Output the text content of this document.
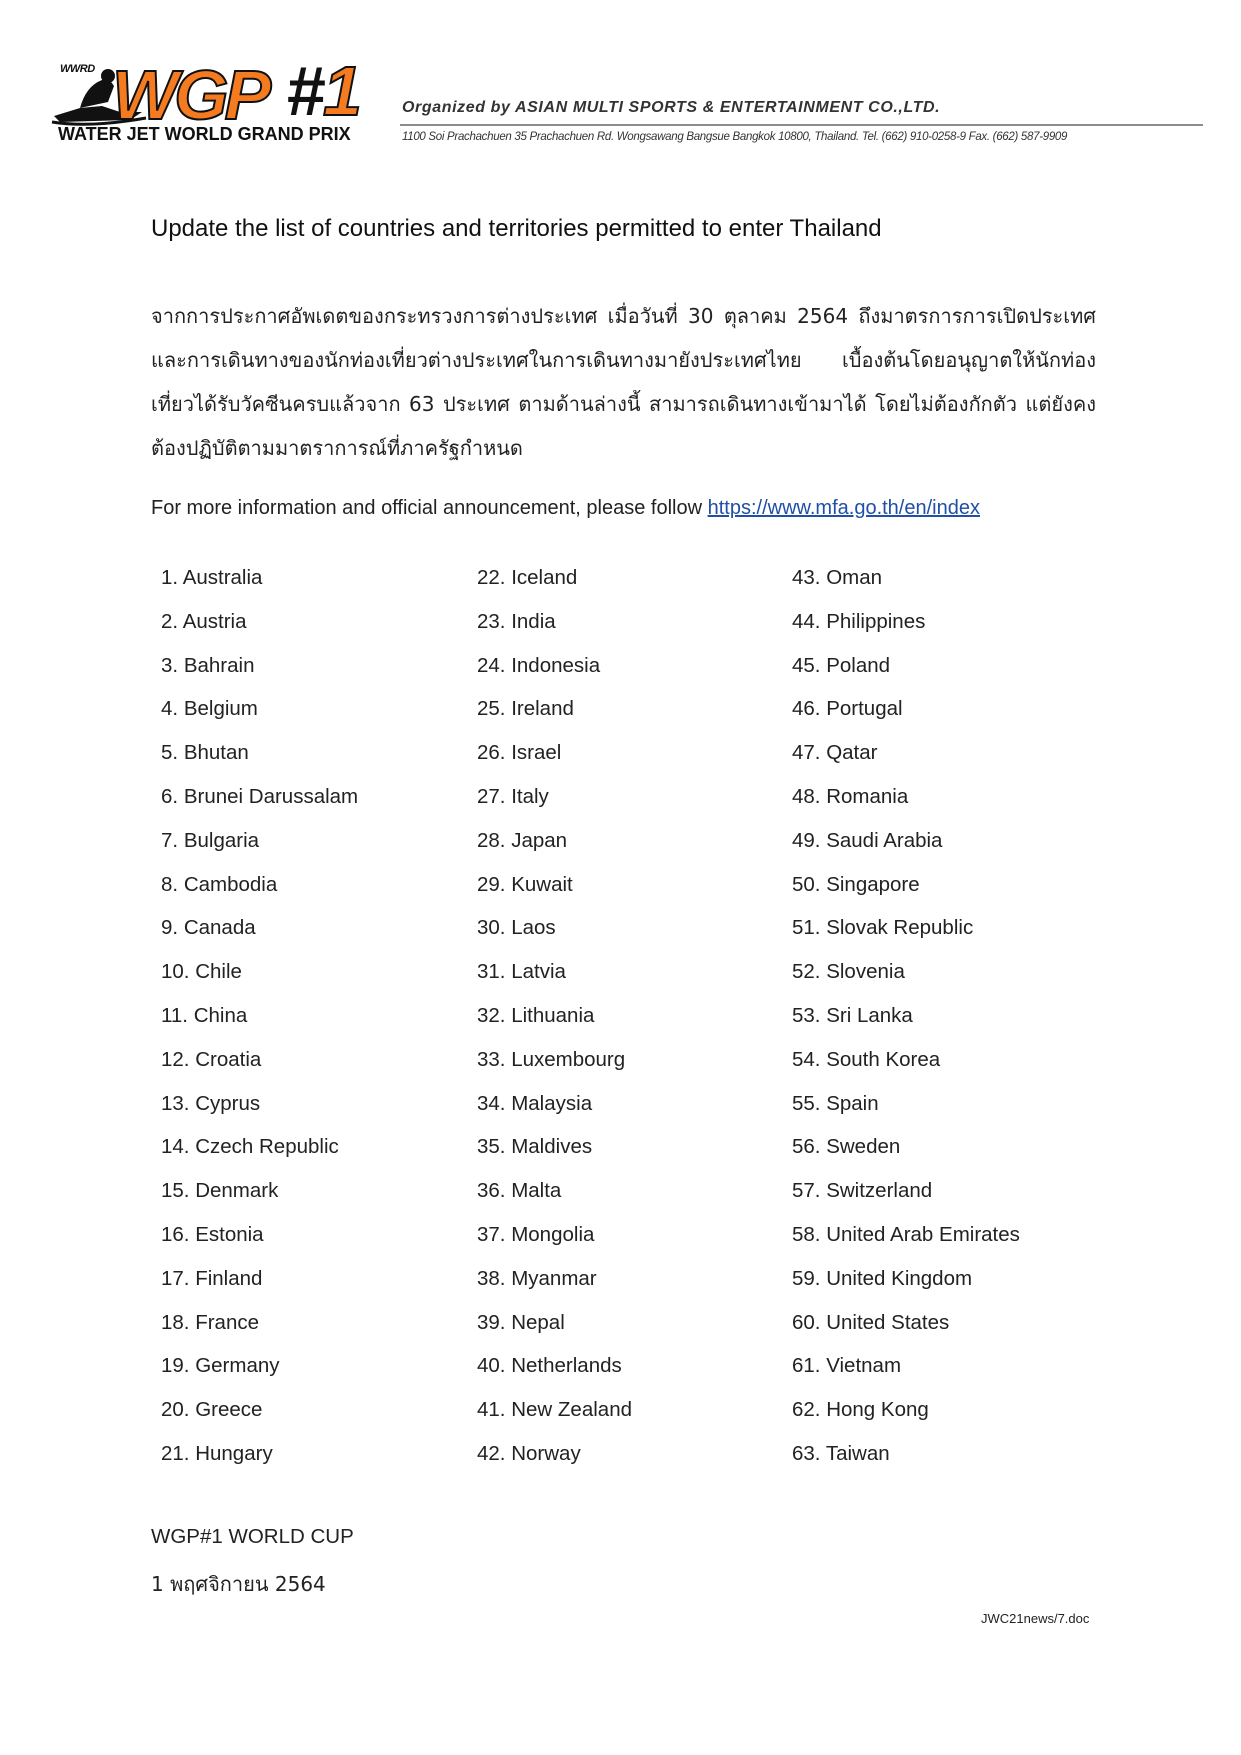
WWRD WGP #1
WATER JET WORLD GRAND PRIX
Organized by ASIAN MULTI SPORTS & ENTERTAINMENT CO.,LTD.
1100 Soi Prachachuen 35 Prachachuen Rd. Wongsawang Bangsue Bangkok 10800, Thailand. Tel. (662) 910-0258-9 Fax. (662) 587-9909
Update the list of countries and territories permitted to enter Thailand
จากการประกาศอัพเดตของกระทรวงการต่างประเทศ เมื่อวันที่ 30 ตุลาคม 2564 ถึงมาตรการการเปิดประเทศ และการเดินทางของนักท่องเที่ยวต่างประเทศในการเดินทางมายังประเทศไทย เบื้องต้นโดยอนุญาตให้นักท่องเที่ยวได้รับวัคซีนครบแล้วจาก 63 ประเทศ ตามด้านล่างนี้ สามารถเดินทางเข้ามาได้ โดยไม่ต้องกักตัว แต่ยังคงต้องปฏิบัติตามมาตราการณ์ที่ภาครัฐกำหนด
For more information and official announcement, please follow https://www.mfa.go.th/en/index
1. Australia
2. Austria
3. Bahrain
4. Belgium
5. Bhutan
6. Brunei Darussalam
7. Bulgaria
8. Cambodia
9. Canada
10. Chile
11. China
12. Croatia
13. Cyprus
14. Czech Republic
15. Denmark
16. Estonia
17. Finland
18. France
19. Germany
20. Greece
21. Hungary
22. Iceland
23. India
24. Indonesia
25. Ireland
26. Israel
27. Italy
28. Japan
29. Kuwait
30. Laos
31. Latvia
32. Lithuania
33. Luxembourg
34. Malaysia
35. Maldives
36. Malta
37. Mongolia
38. Myanmar
39. Nepal
40. Netherlands
41. New Zealand
42. Norway
43. Oman
44. Philippines
45. Poland
46. Portugal
47. Qatar
48. Romania
49. Saudi Arabia
50. Singapore
51. Slovak Republic
52. Slovenia
53. Sri Lanka
54. South Korea
55. Spain
56. Sweden
57. Switzerland
58. United Arab Emirates
59. United Kingdom
60. United States
61. Vietnam
62. Hong Kong
63. Taiwan
WGP#1 WORLD CUP
1 พฤศจิกายน 2564
JWC21news/7.doc
